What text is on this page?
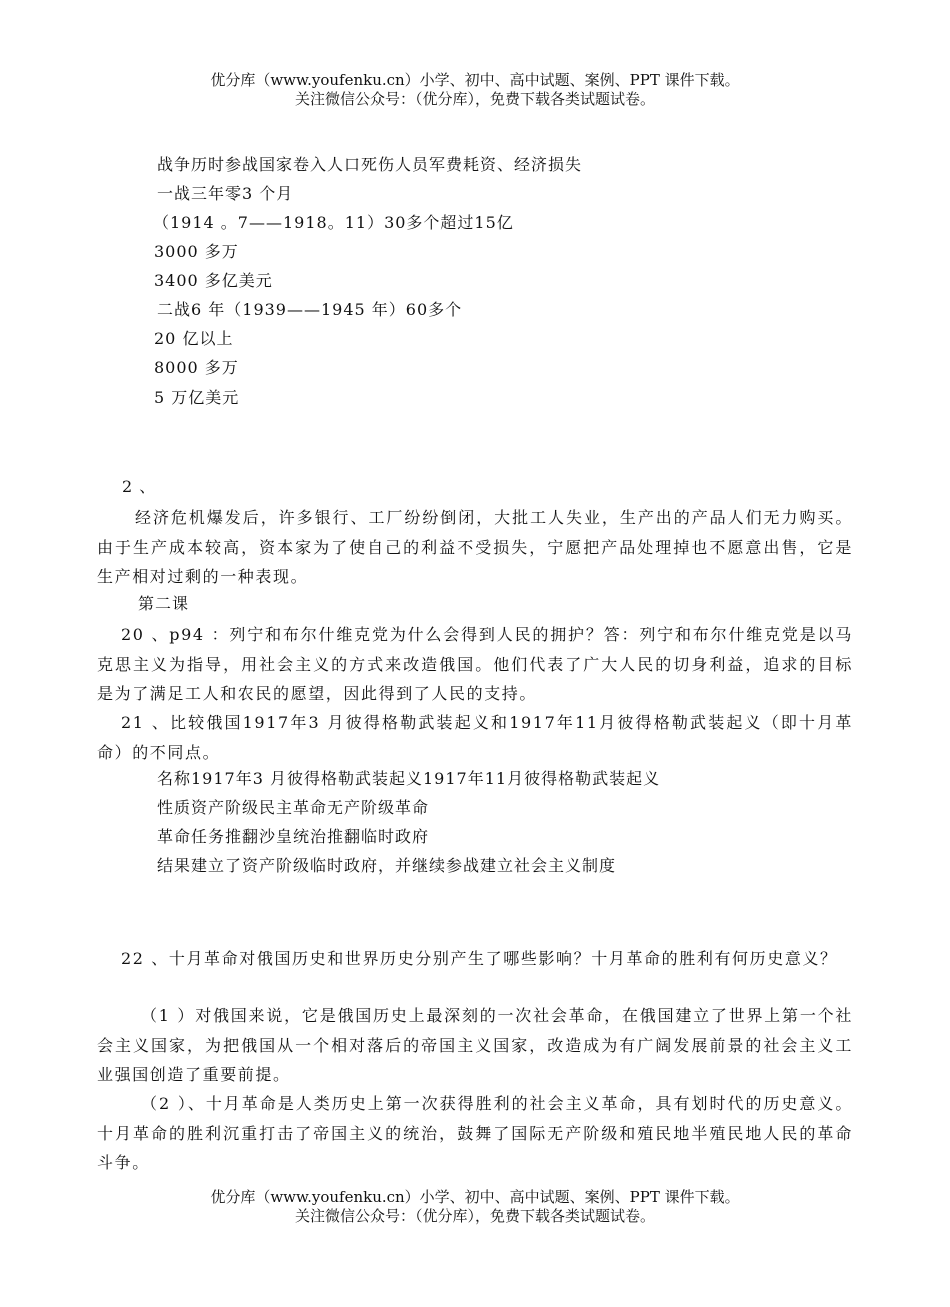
优分库（www.youfenku.cn）小学、初中、高中试题、案例、PPT 课件下载。
关注微信公众号：（优分库），免费下载各类试题试卷。
战争历时参战国家卷入人口死伤人员军费耗资、经济损失
一战三年零3 个月
（1914 。7——1918。11）30多个超过15亿
3000 多万
3400 多亿美元
二战6 年（1939——1945 年）60多个
20 亿以上
8000 多万
5 万亿美元
2 、
经济危机爆发后，许多银行、工厂纷纷倒闭，大批工人失业，生产出的产品人们无力购买。由于生产成本较高，资本家为了使自己的利益不受损失，宁愿把产品处理掉也不愿意出售，它是生产相对过剩的一种表现。
第二课
20 、p94 ：列宁和布尔什维克党为什么会得到人民的拥护？答：列宁和布尔什维克党是以马克思主义为指导，用社会主义的方式来改造俄国。他们代表了广大人民的切身利益，追求的目标是为了满足工人和农民的愿望，因此得到了人民的支持。
21 、比较俄国1917年3 月彼得格勒武装起义和1917年11月彼得格勒武装起义（即十月革命）的不同点。
名称1917年3 月彼得格勒武装起义1917年11月彼得格勒武装起义
性质资产阶级民主革命无产阶级革命
革命任务推翻沙皇统治推翻临时政府
结果建立了资产阶级临时政府，并继续参战建立社会主义制度
22 、十月革命对俄国历史和世界历史分别产生了哪些影响？十月革命的胜利有何历史意义？
（1 ）对俄国来说，它是俄国历史上最深刻的一次社会革命，在俄国建立了世界上第一个社会主义国家，为把俄国从一个相对落后的帝国主义国家，改造成为有广阔发展前景的社会主义工业强国创造了重要前提。
（2 ）、十月革命是人类历史上第一次获得胜利的社会主义革命，具有划时代的历史意义。十月革命的胜利沉重打击了帝国主义的统治，鼓舞了国际无产阶级和殖民地半殖民地人民的革命斗争。
优分库（www.youfenku.cn）小学、初中、高中试题、案例、PPT 课件下载。
关注微信公众号：（优分库），免费下载各类试题试卷。
